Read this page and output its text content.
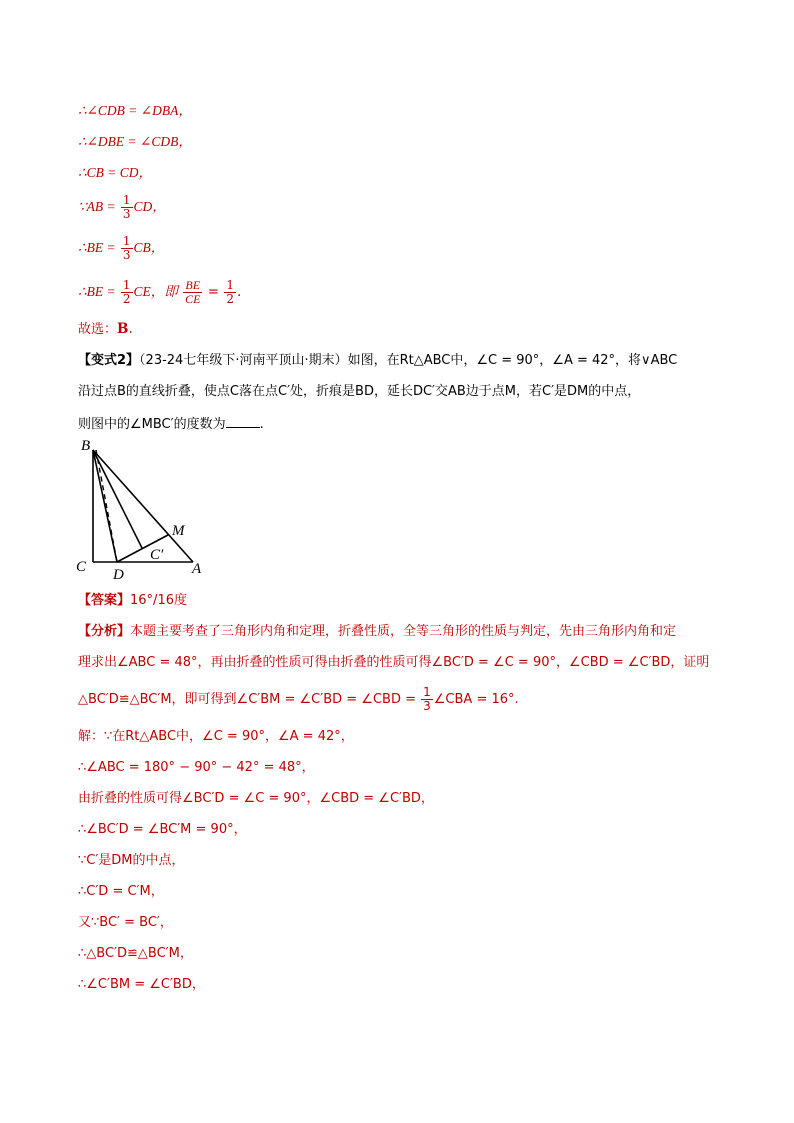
∴∠CDB = ∠DBA，
∴∠DBE = ∠CDB，
∴CB = CD，
∵AB = $\frac{1}{3}$ CD，
∴BE = $\frac{1}{3}$ CB，
∴BE = $\frac{1}{2}$ CE，即 $\frac{BE}{CE} = \frac{1}{2}$ .
故选：B.
【变式2】（23-24七年级下·河南平顶山·期末）如图，在Rt△ABC中，∠C = 90°，∠A = 42°，将∨ABC
沿过点B的直线折叠，使点C落在点C′处，折痕是BD，延长DC′交AB边于点M，若C′是DM的中点，
则图中的∠MBC′的度数为	.
B
C D	A
M
C′
【答案】16°/16度
【分析】本题主要考查了三角形内角和定理，折叠性质，全等三角形的性质与判定，先由三角形内角和定
理求出∠ABC = 48°，再由折叠的性质可得由折叠的性质可得∠BC′D = ∠C = 90°，∠CBD = ∠C′BD，证明
△BC′D≌△BC′M，即可得到∠C′BM = ∠C′BD = ∠CBD = $\frac{1}{3}$ ∠CBA = 16°.
解：∵在Rt△ABC中，∠C = 90°，∠A = 42°，
∴∠ABC = 180° − 90° − 42° = 48°，
由折叠的性质可得∠BC′D = ∠C = 90°，∠CBD = ∠C′BD，
∴∠BC′D = ∠BC′M = 90°，
∵C′是DM的中点，
∴C′D = C′M，
又∵BC′ = BC′，
∴△BC′D≌△BC′M，
∴∠C′BM = ∠C′BD，
